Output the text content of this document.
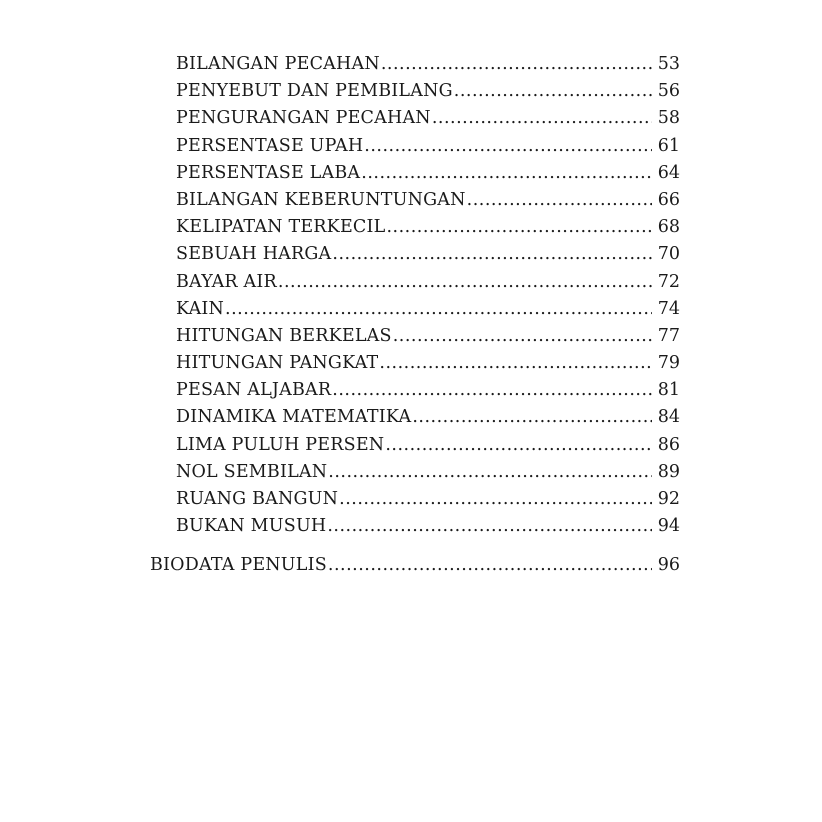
BILANGAN PECAHAN .....	53
PENYEBUT DAN PEMBILANG .....	56
PENGURANGAN PECAHAN .....	58
PERSENTASE UPAH .....	61
PERSENTASE LABA .....	64
BILANGAN KEBERUNTUNGAN .....	66
KELIPATAN TERKECIL .....	68
SEBUAH HARGA .....	70
BAYAR AIR .....	72
KAIN .....	74
HITUNGAN BERKELAS .....	77
HITUNGAN PANGKAT .....	79
PESAN ALJABAR .....	81
DINAMIKA MATEMATIKA .....	84
LIMA PULUH PERSEN .....	86
NOL SEMBILAN .....	89
RUANG BANGUN .....	92
BUKAN MUSUH .....	94
BIODATA PENULIS .....	96
